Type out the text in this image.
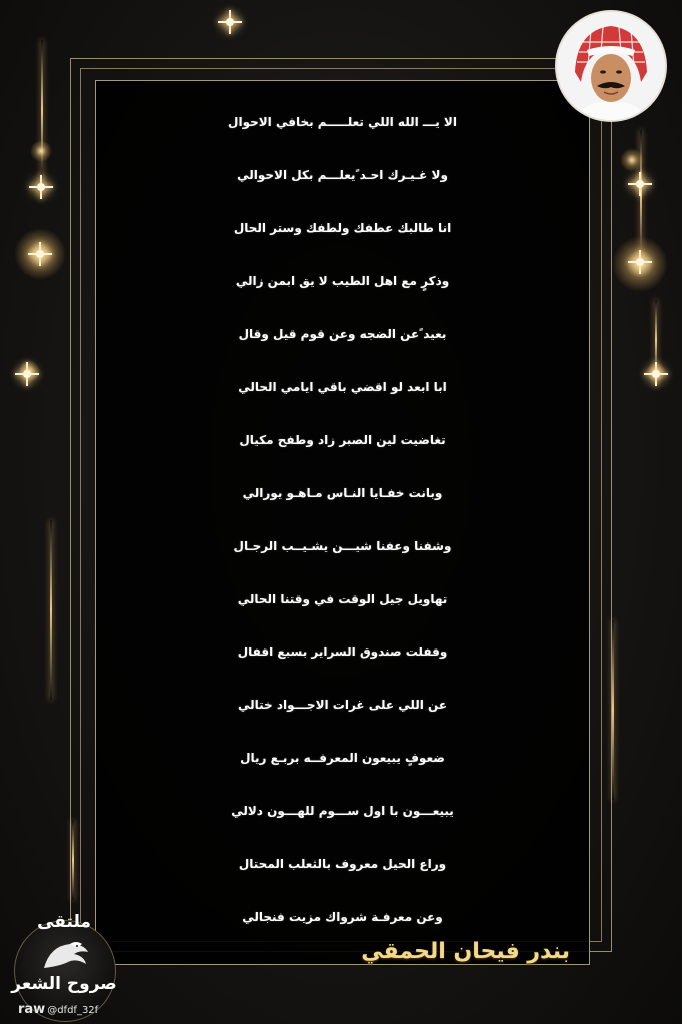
الا يـــ الله اللي تعلـــــم بخافي الاحوال
ولا غـيـرك احـد ًيعلـــم بكل الاحوالي
انا طالبك عطفك ولطفك وستر الحال
وذكرٍ مع اهل الطيب لا يق ابمن زالي
بعيد ًعن الضجه وعن قوم قيل وقال
ابا ابعد لو اقضي باقي ايامي الحالي
تغاضيت لين الصبر زاد وطفح مكيال
وبانت خفـايا النـاس مـاهـو يورالي
وشفنا وعفنا شيـــن يشـيــب الرجـال
تهاويل جيل الوقت في وقتنا الحالي
وقفلت صندوق السراير بسبع اقفال
عن اللي على غرات الاجـــواد ختالي
ضعوفٍ يبيعون المعرفــه بربـع ريال
يبيعـــون با اول ســـوم للهـــون دلالي
وراع الحيل معروف بالثعلب المحتال
وعن معرفـة شرواك مزيت فنجالي
بندر فيحان الحمقي
ملتقى
صروح الشعر
raw @dfdf_32f
